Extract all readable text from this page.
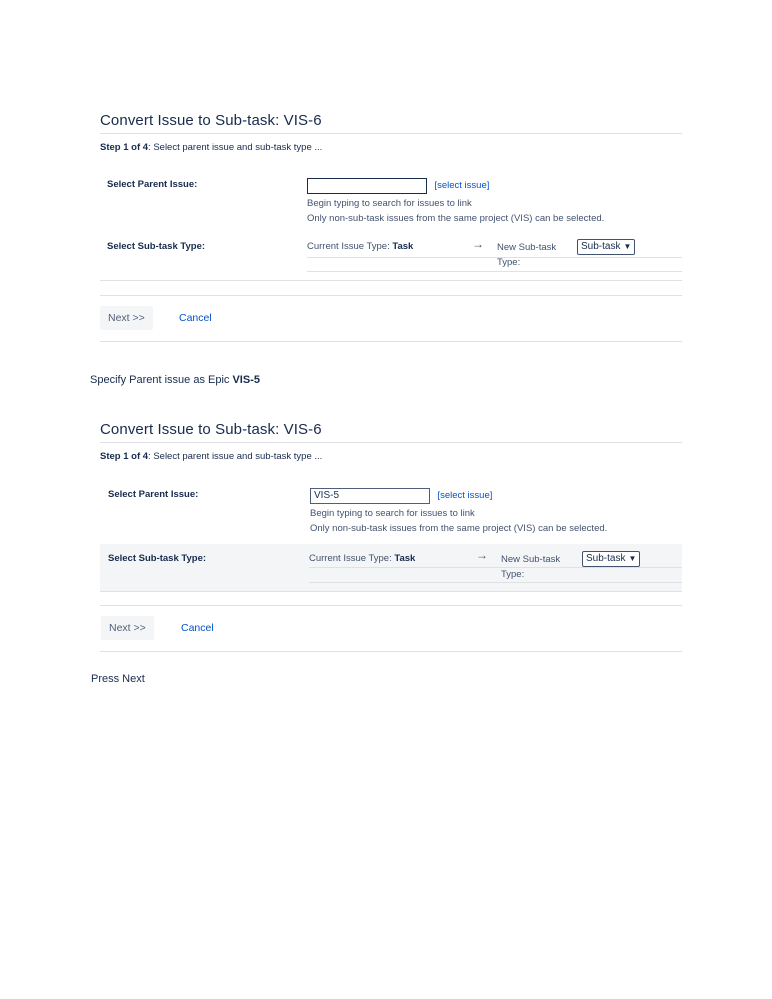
Convert Issue to Sub-task: VIS-6
Step 1 of 4: Select parent issue and sub-task type ...
Select Parent Issue:	[select issue]
Begin typing to search for issues to link
Only non-sub-task issues from the same project (VIS) can be selected.
Select Sub-task Type:	Current Issue Type: Task	→ New Sub-task Type:
Sub-task ▼
Next >>	Cancel
Specify Parent issue as Epic VIS-5
Convert Issue to Sub-task: VIS-6
Step 1 of 4: Select parent issue and sub-task type ...
Select Parent Issue:	VIS-5	[select issue]
Begin typing to search for issues to link
Only non-sub-task issues from the same project (VIS) can be selected.
Select Sub-task Type:	Current Issue Type: Task	→ New Sub-task Type:
Sub-task ▼
Next >>	Cancel
Press Next
